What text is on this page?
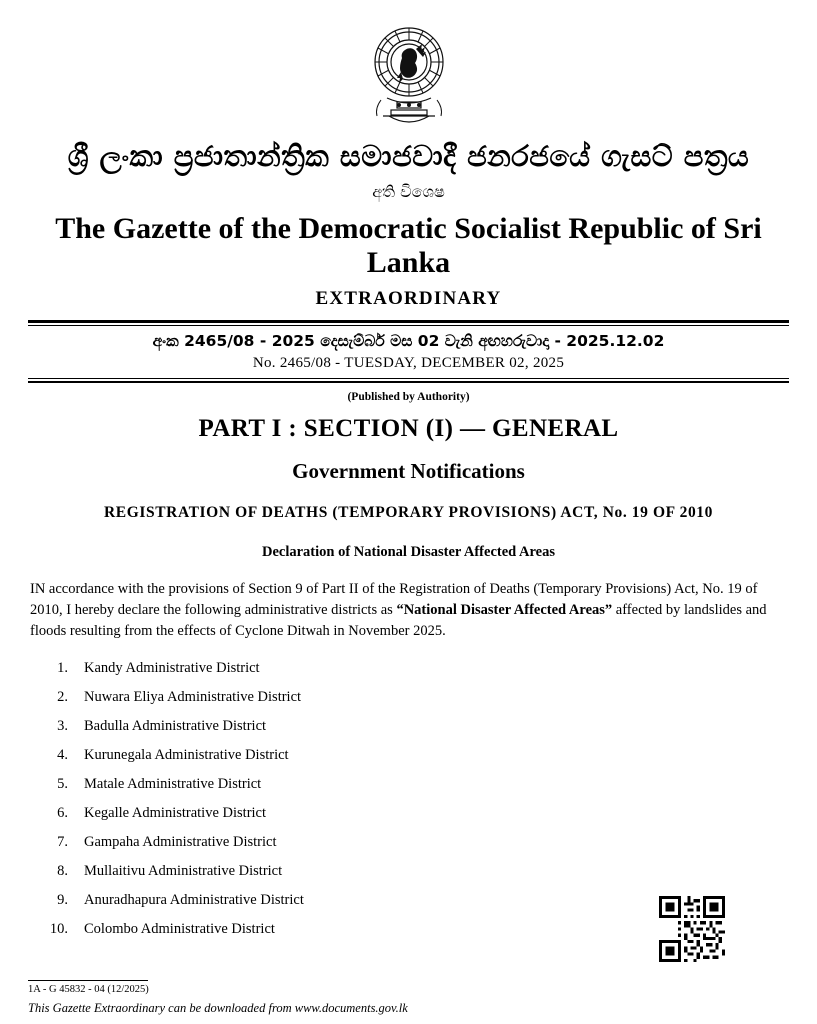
ශ්‍රී ලංකා ප්‍රජාතාන්ත්‍රික සමාජවාදී ජනරජයේ ගැසට් පත්‍රය
අති විශෙෂ
The Gazette of the Democratic Socialist Republic of Sri Lanka
EXTRAORDINARY
අංක 2465/08 - 2025 දෙසැම්බර් මස 02 වැනි අඟහරුවාදා - 2025.12.02
No. 2465/08 - TUESDAY, DECEMBER 02, 2025
(Published by Authority)
PART I : SECTION (I) — GENERAL
Government Notifications
REGISTRATION OF DEATHS (TEMPORARY PROVISIONS) ACT, No. 19 OF 2010
Declaration of National Disaster Affected Areas

IN accordance with the provisions of Section 9 of Part II of the Registration of Deaths (Temporary Provisions) Act, No. 19 of 2010, I hereby declare the following administrative districts as “National Disaster Affected Areas” affected by landslides and floods resulting from the effects of Cyclone Ditwah in November 2025.

1.	Kandy Administrative District
2.	Nuwara Eliya Administrative District
3.	Badulla Administrative District
4.	Kurunegala Administrative District
5.	Matale Administrative District
6.	Kegalle Administrative District
7.	Gampaha Administrative District
8.	Mullaitivu Administrative District
9.	Anuradhapura Administrative District
10.	Colombo Administrative District
1A - G 45832 - 04 (12/2025)
This Gazette Extraordinary can be downloaded from www.documents.gov.lk
